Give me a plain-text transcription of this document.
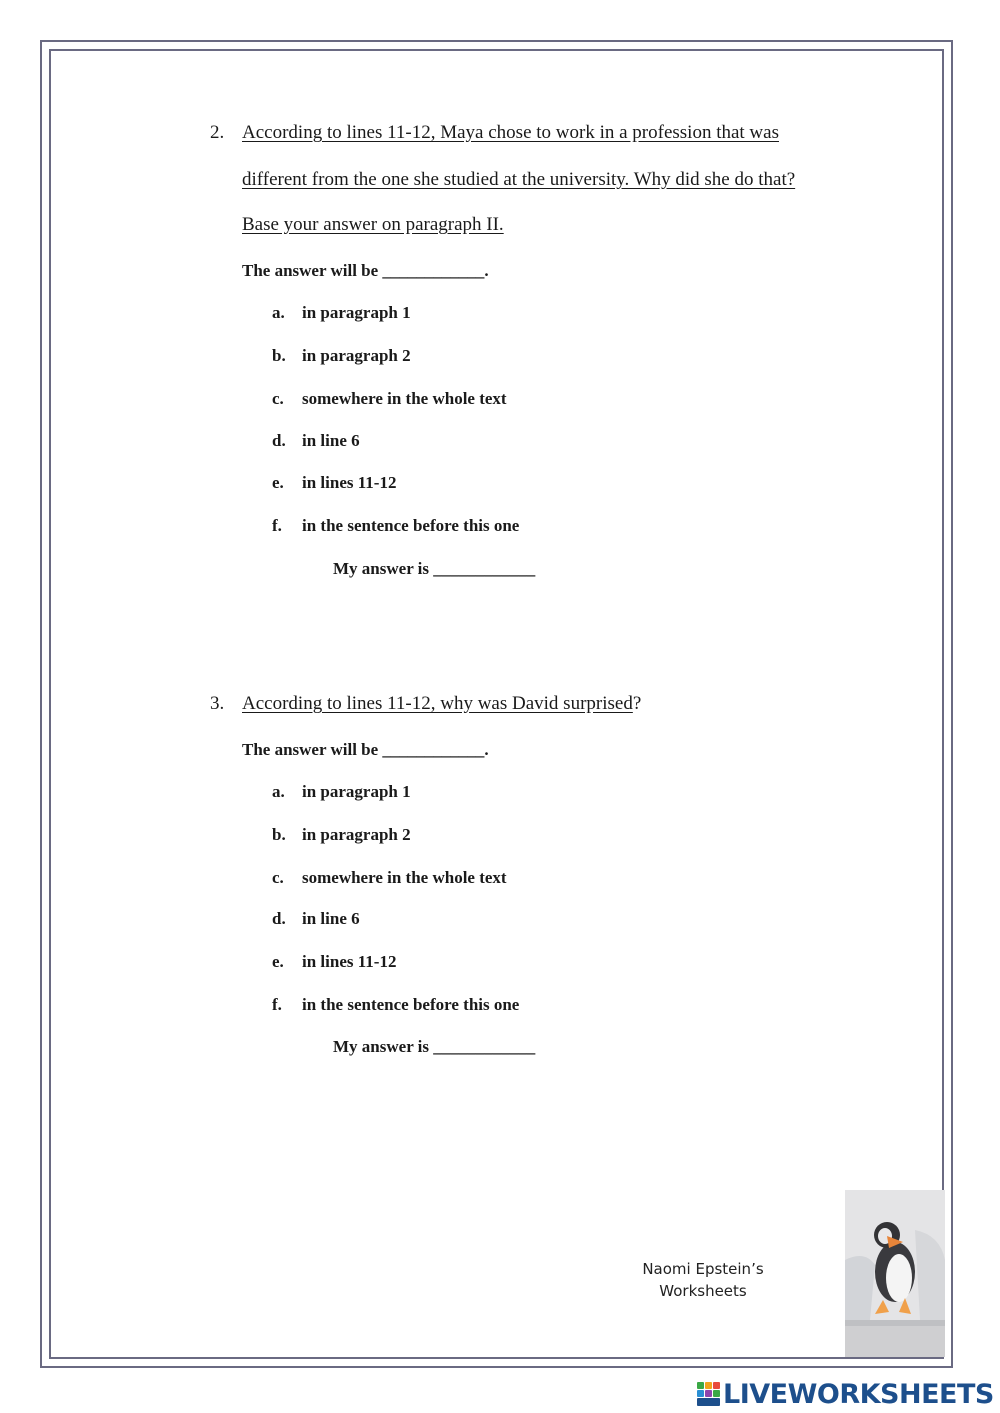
2. According to lines 11-12, Maya chose to work in a profession that was
different from the one she studied at the university. Why did she do that?
Base your answer on paragraph II.
The answer will be ____________.
a. in paragraph 1
b. in paragraph 2
c. somewhere in the whole text
d. in line 6
e. in lines 11-12
f. in the sentence before this one
My answer is ____________
3. According to lines 11-12, why was David surprised?
The answer will be ____________.
a. in paragraph 1
b. in paragraph 2
c. somewhere in the whole text
d. in line 6
e. in lines 11-12
f. in the sentence before this one
My answer is ____________
Naomi Epstein’s
Worksheets
LIVEWORKSHEETS
